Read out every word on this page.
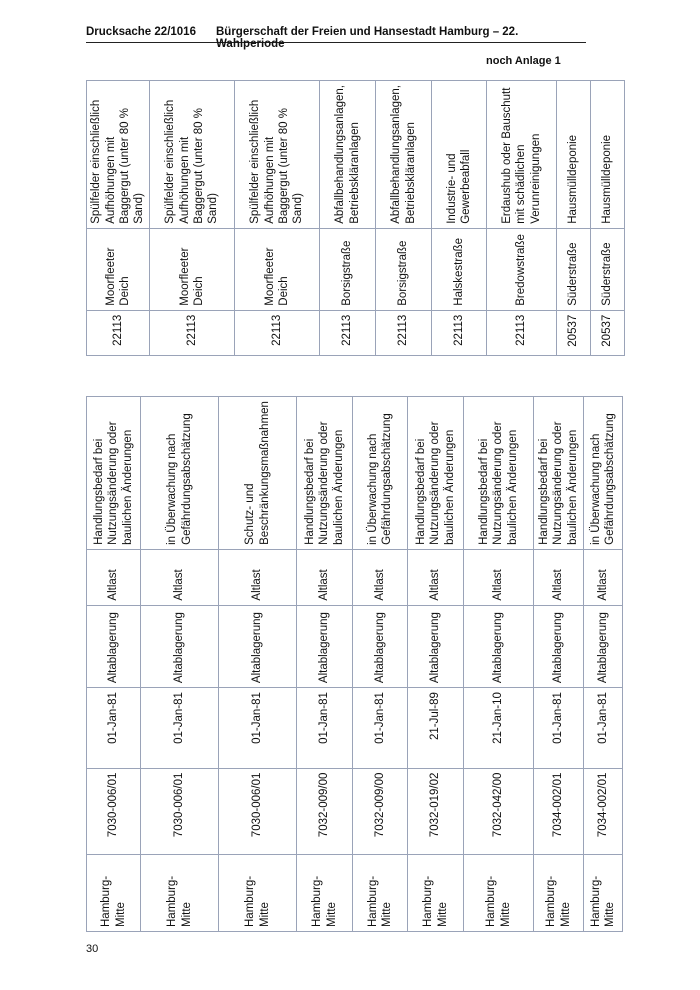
Drucksache 22/1016 Bürgerschaft der Freien und Hansestadt Hamburg – 22. Wahlperiode
noch Anlage 1
Hamburg-Mitte	7030-006/01	01-Jan-81	Altablagerung	Altlast	Handlungsbedarf bei Nutzungsänderung oder baulichen Änderungen
Hamburg-Mitte	7030-006/01	01-Jan-81	Altablagerung	Altlast	in Überwachung nach Gefährdungsabschätzung
Hamburg-Mitte	7030-006/01	01-Jan-81	Altablagerung	Altlast	Schutz- und Beschränkungsmaßnahmen
Hamburg-Mitte	7032-009/00	01-Jan-81	Altablagerung	Altlast	Handlungsbedarf bei Nutzungsänderung oder baulichen Änderungen
Hamburg-Mitte	7032-009/00	01-Jan-81	Altablagerung	Altlast	in Überwachung nach Gefährdungsabschätzung
Hamburg-Mitte	7032-019/02	21-Jul-89	Altablagerung	Altlast	Handlungsbedarf bei Nutzungsänderung oder baulichen Änderungen
Hamburg-Mitte	7032-042/00	21-Jan-10	Altablagerung	Altlast	Handlungsbedarf bei Nutzungsänderung oder baulichen Änderungen
Hamburg-Mitte	7034-002/01	01-Jan-81	Altablagerung	Altlast	Handlungsbedarf bei Nutzungsänderung oder baulichen Änderungen
Hamburg-Mitte	7034-002/01	01-Jan-81	Altablagerung	Altlast	in Überwachung nach Gefährdungsabschätzung
22113	Moorfleeter Deich	Spülfelder einschließlich Aufhöhungen mit Baggergut (unter 80 % Sand)
22113	Moorfleeter Deich	Spülfelder einschließlich Aufhöhungen mit Baggergut (unter 80 % Sand)
22113	Moorfleeter Deich	Spülfelder einschließlich Aufhöhungen mit Baggergut (unter 80 % Sand)
22113	Borsigstraße	Abfallbehandlungsanlagen, Betriebskläranlagen
22113	Borsigstraße	Abfallbehandlungsanlagen, Betriebskläranlagen
22113	Halskestraße	Industrie- und Gewerbeabfall
22113	Bredowstraße	Erdaushub oder Bauschutt mit schädlichen Verunreinigungen
20537	Süderstraße	Hausmülldeponie
20537	Süderstraße	Hausmülldeponie
30
